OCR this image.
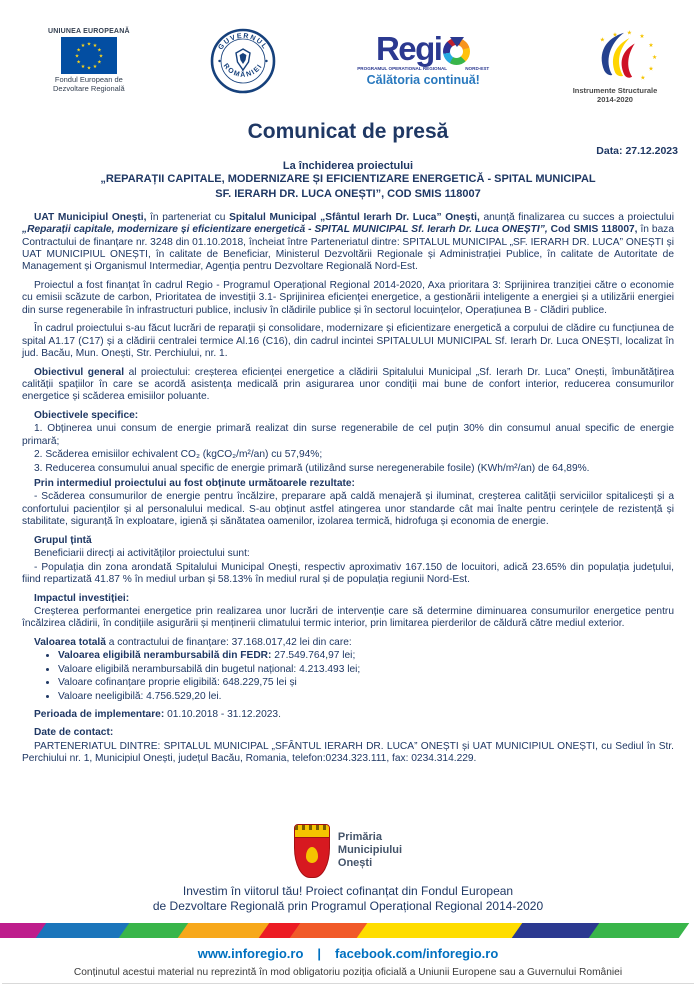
UNIUNEA EUROPEANĂ
★
★
★
★
★
★
★
★
★ ★ ★
★
Fondul European de
Dezvoltare Regională
GUVERNUL
ROMÂNIEI	Regi
PROGRAMUL OPERATIONAL REGIONAL	NORD-EST
Călătoria continuă!
★ ★
★
★
★
★
★
★
Instrumente Structurale
2014-2020
Comunicat de presă
Data: 27.12.2023
La închiderea proiectului
„REPARAȚII CAPITALE, MODERNIZARE ȘI EFICIENTIZARE ENERGETICĂ - SPITAL MUNICIPAL
SF. IERARH DR. LUCA ONEȘTI”, COD SMIS 118007

UAT Municipiul Onești, în parteneriat cu Spitalul Municipal „Sfântul Ierarh Dr. Luca” Onești, anunță finalizarea cu succes a proiectului „Reparații capitale, modernizare și eficientizare energetică - SPITAL MUNICIPAL Sf. Ierarh Dr. Luca ONEȘTI”, Cod SMIS 118007, în baza Contractului de finanțare nr. 3248 din 01.10.2018, încheiat între Parteneriatul dintre: SPITALUL MUNICIPAL „SF. IERARH DR. LUCA” ONEȘTI și UAT MUNICIPIUL ONEȘTI, în calitate de Beneficiar, Ministerul Dezvoltării Regionale și Administrației Publice, în calitate de Autoritate de Management și Organismul Intermediar, Agenția pentru Dezvoltare Regională Nord-Est.

Proiectul a fost finanțat în cadrul Regio - Programul Operațional Regional 2014-2020, Axa prioritara 3: Sprijinirea tranziției către o economie cu emisii scăzute de carbon, Prioritatea de investiții 3.1- Sprijinirea eficienței energetice, a gestionării inteligente a energiei și a utilizării energiei din surse regenerabile în infrastructuri publice, inclusiv în clădirile publice și în sectorul locuințelor, Operațiunea B - Clădiri publice.

În cadrul proiectului s-au făcut lucrări de reparații și consolidare, modernizare și eficientizare energetică a corpului de clădire cu funcțiunea de spital A1.17 (C17) și a clădirii centralei termice Al.16 (C16), din cadrul incintei SPITALULUI MUNICIPAL Sf. Ierarh Dr. Luca ONEȘTI, localizat în jud. Bacău, Mun. Onești, Str. Perchiului, nr. 1.

Obiectivul general al proiectului: creșterea eficienței energetice a clădirii Spitalului Municipal „Sf. Ierarh Dr. Luca” Onești, îmbunătățirea calității spațiilor în care se acordă asistența medicală prin asigurarea unor condiții mai bune de confort interior, reducerea consumurilor energetice și scăderea emisiilor poluante.

Obiectivele specifice:

1. Obținerea unui consum de energie primară realizat din surse regenerabile de cel puțin 30% din consumul anual specific de energie primară;
2. Scăderea emisiilor echivalent CO₂ (kgCO₂/m²/an) cu 57,94%;
3. Reducerea consumului anual specific de energie primară (utilizând surse neregenerabile fosile) (KWh/m²/an) de 64,89%.

Prin intermediul proiectului au fost obținute următoarele rezultate:

- Scăderea consumurilor de energie pentru încălzire, preparare apă caldă menajeră și iluminat, creșterea calității serviciilor spitalicești și a confortului pacienților și al personalului medical. S-au obținut astfel atingerea unor standarde cât mai înalte pentru cerințele de rezistență și stabilitate, siguranță în exploatare, igienă și sănătatea oamenilor, izolarea termică, hidrofuga și economia de energie.

Grupul țintă

Beneficiarii direcți ai activităților proiectului sunt:

- Populația din zona arondată Spitalului Municipal Onești, respectiv aproximativ 167.150 de locuitori, adică 23.65% din populația județului, fiind repartizată 41.87 % în mediul urban și 58.13% în mediul rural și de populația regiunii Nord-Est.

Impactul investiției:

Creșterea performantei energetice prin realizarea unor lucrări de intervenție care să determine diminuarea consumurilor energetice pentru încălzirea clădirii, în condițiile asigurării și menținerii climatului termic interior, prin limitarea pierderilor de căldură către mediul exterior.

Valoarea totală a contractului de finanțare: 37.168.017,42 lei din care:

• Valoarea eligibilă nerambursabilă din FEDR: 27.549.764,97 lei;
• Valoare eligibilă nerambursabilă din bugetul național: 4.213.493 lei;
• Valoare cofinanțare proprie eligibilă: 648.229,75 lei și
• Valoare neeligibilă: 4.756.529,20 lei.

Perioada de implementare: 01.10.2018 - 31.12.2023.

Date de contact:

PARTENERIATUL DINTRE: SPITALUL MUNICIPAL „SFÂNTUL IERARH DR. LUCA” ONEȘTI și UAT MUNICIPIUL ONEȘTI, cu Sediul în Str. Perchiului nr. 1, Municipiul Onești, județul Bacău, Romania, telefon:0234.323.111, fax: 0234.314.229.

Primăria
Municipiului
Onești
Investim în viitorul tău! Proiect cofinanțat din Fondul European
de Dezvoltare Regională prin Programul Operațional Regional 2014-2020
www.inforegio.ro | facebook.com/inforegio.ro
Conținutul acestui material nu reprezintă în mod obligatoriu poziția oficială a Uniunii Europene sau a Guvernului României
